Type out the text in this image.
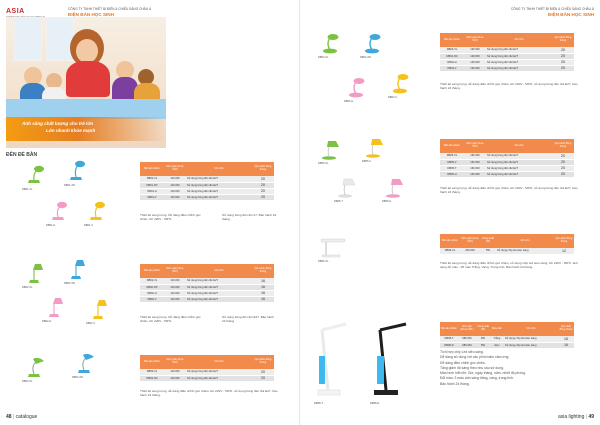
ASIA	CÔNG TY TNHH THIẾT BỊ ĐIỆN & CHIẾU SÁNG CHÂU Á
ĐIỆN BÁN HỌC SINH
Ánh sáng chất lượng cho trẻ lớn
Lớn nhanh khỏe mạnh
ĐÈN ĐỂ BÀN
DB01-XL
DB01-XD
DB01-H	DB01-V
Mã sản phẩm	Đơn giá (chưa VAT)	Ghi chú	Qui cách đóng thùng
DB01-XL	116.000	Sử dụng bóng đèn đui E27	20
DB01-XD	116.000	Sử dụng bóng đèn đui E27	20
DB01-H	116.000	Sử dụng bóng đèn đui E27	20
DB01-V	116.000	Sử dụng bóng đèn đui E27	20
Thiết kế sang trọng. Dễ dàng điều chỉnh góc chiếu. AC 220V - 50Hz.
Sử dụng bóng đèn đui 27. Bảo hành 24 tháng.
DB02-XL
DB02-XD
DB02-H
DB02-V
Mã sản phẩm	Đơn giá (chưa VAT)	Ghi chú	Qui cách đóng thùng
DB02-XL	116.000	Sử dụng bóng đèn đui E27	16
DB02-XD	116.000	Sử dụng bóng đèn đui E27	16
DB02-H	116.000	Sử dụng bóng đèn đui E27	16
DB02-V	116.000	Sử dụng bóng đèn đui E27	16
Thiết kế sang trọng. Dễ dàng điều chỉnh góc chiếu. AC 220V - 50Hz.
Sử dụng bóng đèn đui E27. Bảo hành 24 tháng.
DB03-XL
DB03-XD
Mã sản phẩm	Đơn giá (chưa VAT)	Ghi chú	Qui cách đóng thùng
DB03-XL	116.000	Sử dụng bóng đèn đui E27	20
DB03-XD	116.000	Sử dụng bóng đèn đui E27	20
Thiết kế sang trọng, dễ dàng điều chỉnh góc chiếu, AC 220V - 50Hz, sử dụng bóng đèn đui E27, bảo hành 24 tháng.
48 | catalogue
CÔNG TY TNHH THIẾT BỊ ĐIỆN & CHIẾU SÁNG CHÂU Á
ĐIỆN BÁN HỌC SINH
DB04-XL	DB04-XD
DB04-H
DB04-V
Mã sản phẩm	Đơn giá (chưa VAT)	Ghi chú	Qui cách đóng thùng
DB04-XL	130.000	Sử dụng bóng đèn đui E27	20
DB04-XD	130.000	Sử dụng bóng đèn đui E27	20
DB04-H	130.000	Sử dụng bóng đèn đui E27	20
DB04-V	130.000	Sử dụng bóng đèn đui E27	20
Thiết kế sang trọng, dễ dàng điều chỉnh góc chiếu, AC 220V - 50Hz, sử dụng bóng đèn đui E27, bảo hành 24 tháng.
DB05-XL
DB05-V
DB05-T	DB05-H
Mã sản phẩm	Đơn giá (chưa VAT)	Ghi chú	Qui cách đóng thùng
DB05-XL	152.000	Sử dụng bóng đèn đui E27	20
DB05-V	152.000	Sử dụng bóng đèn đui E27	20
DB05-T	152.000	Sử dụng bóng đèn đui E27	20
DB05-H	152.000	Sử dụng bóng đèn đui E27	20
Thiết kế sang trọng, dễ dàng điều chỉnh góc chiếu, AC 220V - 50Hz, sử dụng bóng đèn đui E27, bảo hành 24 tháng.
DB06-XL
Mã sản phẩm	Đơn giá (chưa VAT)	Công suất (W)	Ghi chú	Qui cách đóng thùng
DB06-XL	260.000	5W	Sử dụng chip led siêu sáng	12
Thiết kế sang trọng, dễ dàng điều chỉnh góc chiếu, sử dụng chip led siêu sáng, AC 220V - 50Hz, ánh sáng đỏ màu - 05 màu Trắng, Vàng, Trung tính. Bảo hành 24 tháng.
DB08-T	DB08-D
Mã sản phẩm	Đơn giá (chưa VAT)	Công suất (W)	Màu sắc	Ghi chú	Qui cách đóng thùng
DB08-T	680.000	8W	Trắng	Sử dụng chip led siêu sáng	16
DB08-D	680.000	8W	Đen	Sử dụng chip led siêu sáng	16
Tích hợp chip Led siêu sáng.
Dễ dàng sử dụng với các phím bấm cảm ứng.
Dễ dàng điều chỉnh góc chiếu.
Tăng giảm độ sáng theo nhu cầu sử dụng.
Màn hình hiển thị: Giờ, ngày tháng, năm, nhiệt độ phòng.
Đổi màu: 3 màu ánh sáng trắng, vàng, trung tính.
Bảo hành 24 tháng.
asia lighting | 49
